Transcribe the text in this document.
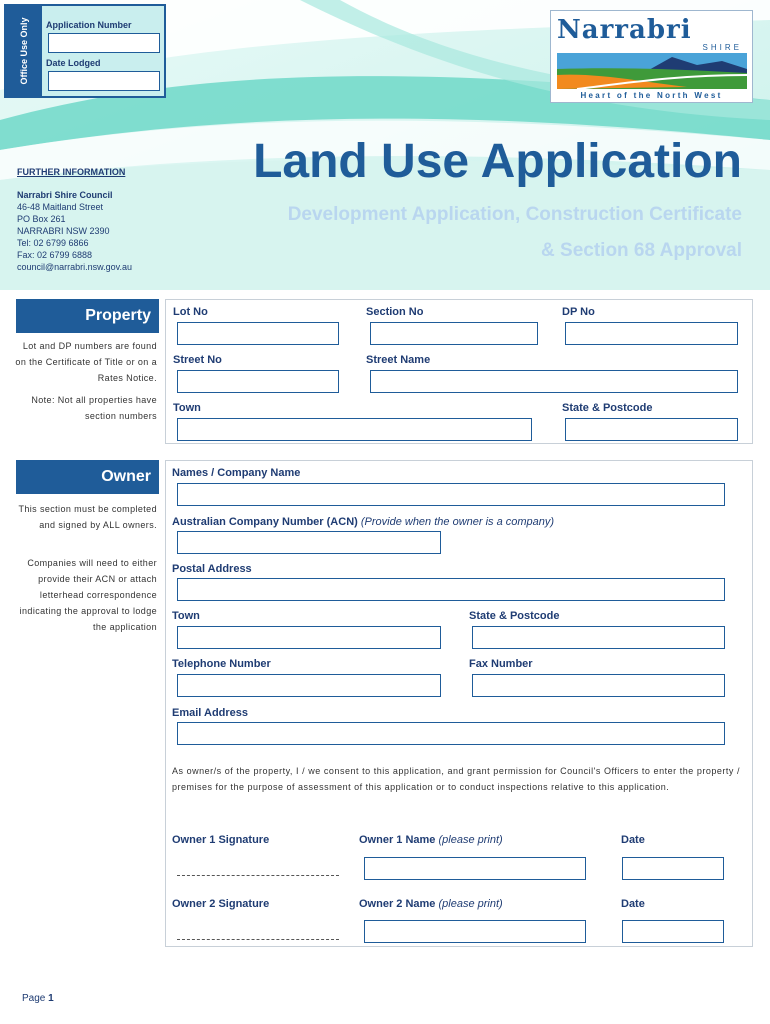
Office Use Only Application Number
Date Lodged
Narrabri
SHIRE
Heart of the North West
FURTHER INFORMATION
Narrabri Shire Council
46-48 Maitland Street
PO Box 261
NARRABRI NSW 2390
Tel: 02 6799 6866
Fax: 02 6799 6888
council@narrabri.nsw.gov.au
Land Use Application
Development Application, Construction Certificate
& Section 68 Approval
Property
Lot and DP numbers are found on the Certificate of Title or on a Rates Notice.
Note: Not all properties have section numbers
Lot No	Section No	DP No
Street No	Street Name
Town	State & Postcode
Owner
This section must be completed and signed by ALL owners.
Companies will need to either provide their ACN or attach letterhead correspondence indicating the approval to lodge the application
Names / Company Name
Australian Company Number (ACN) (Provide when the owner is a company)
Postal Address
Town	State & Postcode
Telephone Number	Fax Number
Email Address
As owner/s of the property, I / we consent to this application, and grant permission for Council's Officers to enter the property / premises for the purpose of assessment of this application or to conduct inspections relative to this application.
Owner 1 Signature	Owner 1 Name (please print)	Date
Owner 2 Signature	Owner 2 Name (please print)	Date
Page 1
